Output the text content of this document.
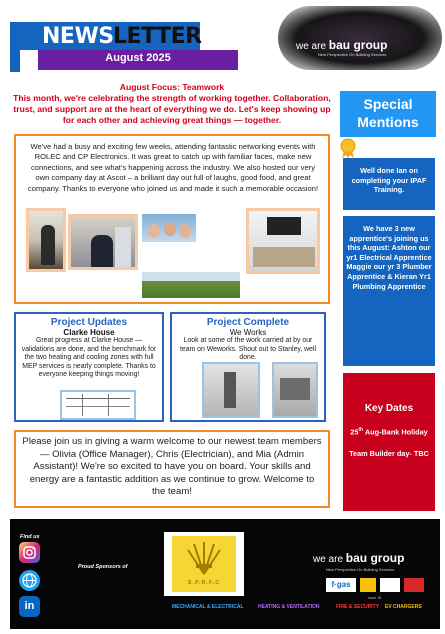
NEWS LETTER
August 2025
we are bau group
New Perspective On Building Services
August Focus: Teamwork
This month, we're celebrating the strength of working together. Collaboration, trust, and support are at the heart of everything we do. Let's keep showing up for each other and achieving great things — together.
We've had a busy and exciting few weeks, attending fantastic networking events with ROLEC and CP Electronics. It was great to catch up with familiar faces, make new connections, and see what's happening across the industry. We also hosted our very own company day at Ascot – a brilliant day out full of laughs, good food, and great company. Thanks to everyone who joined us and made it such a memorable occasion!
Project Updates
Clarke House
Great progress at Clarke House — validations are done, and the benchmark for the two heating and cooling zones with full MEP services is nearly complete. Thanks to everyone keeping things moving!
Project Complete
We Works
Look at some of the work carried at by our team on Weworks. Shout out to Stanley, well done.
Please join us in giving a warm welcome to our newest team members — Olivia (Office Manager), Chris (Electrician), and Mia (Admin Assistant)! We're so excited to have you on board. Your skills and energy are a fantastic addition as we continue to grow. Welcome to the team!
Special Mentions
Well done Ian on completing your IPAF Training.
We have 3 new apprentice's joining us this August: Ashton our yr1 Electrical Apprentice Maggie our yr 3 Plumber Apprentice & Kieran Yr1 Plumbing Apprentice
Key Dates
25th Aug-Bank Holiday
Team Builder day- TBC
Find us
in
Proud Sponsors of
S.P.R.F.C
we are bau group
New Perspective On Building Services
f·gas
Issue 18
MECHANICAL & ELECTRICAL	HEATING & VENTILATION	FIRE & SECURITY EV CHARGERS
